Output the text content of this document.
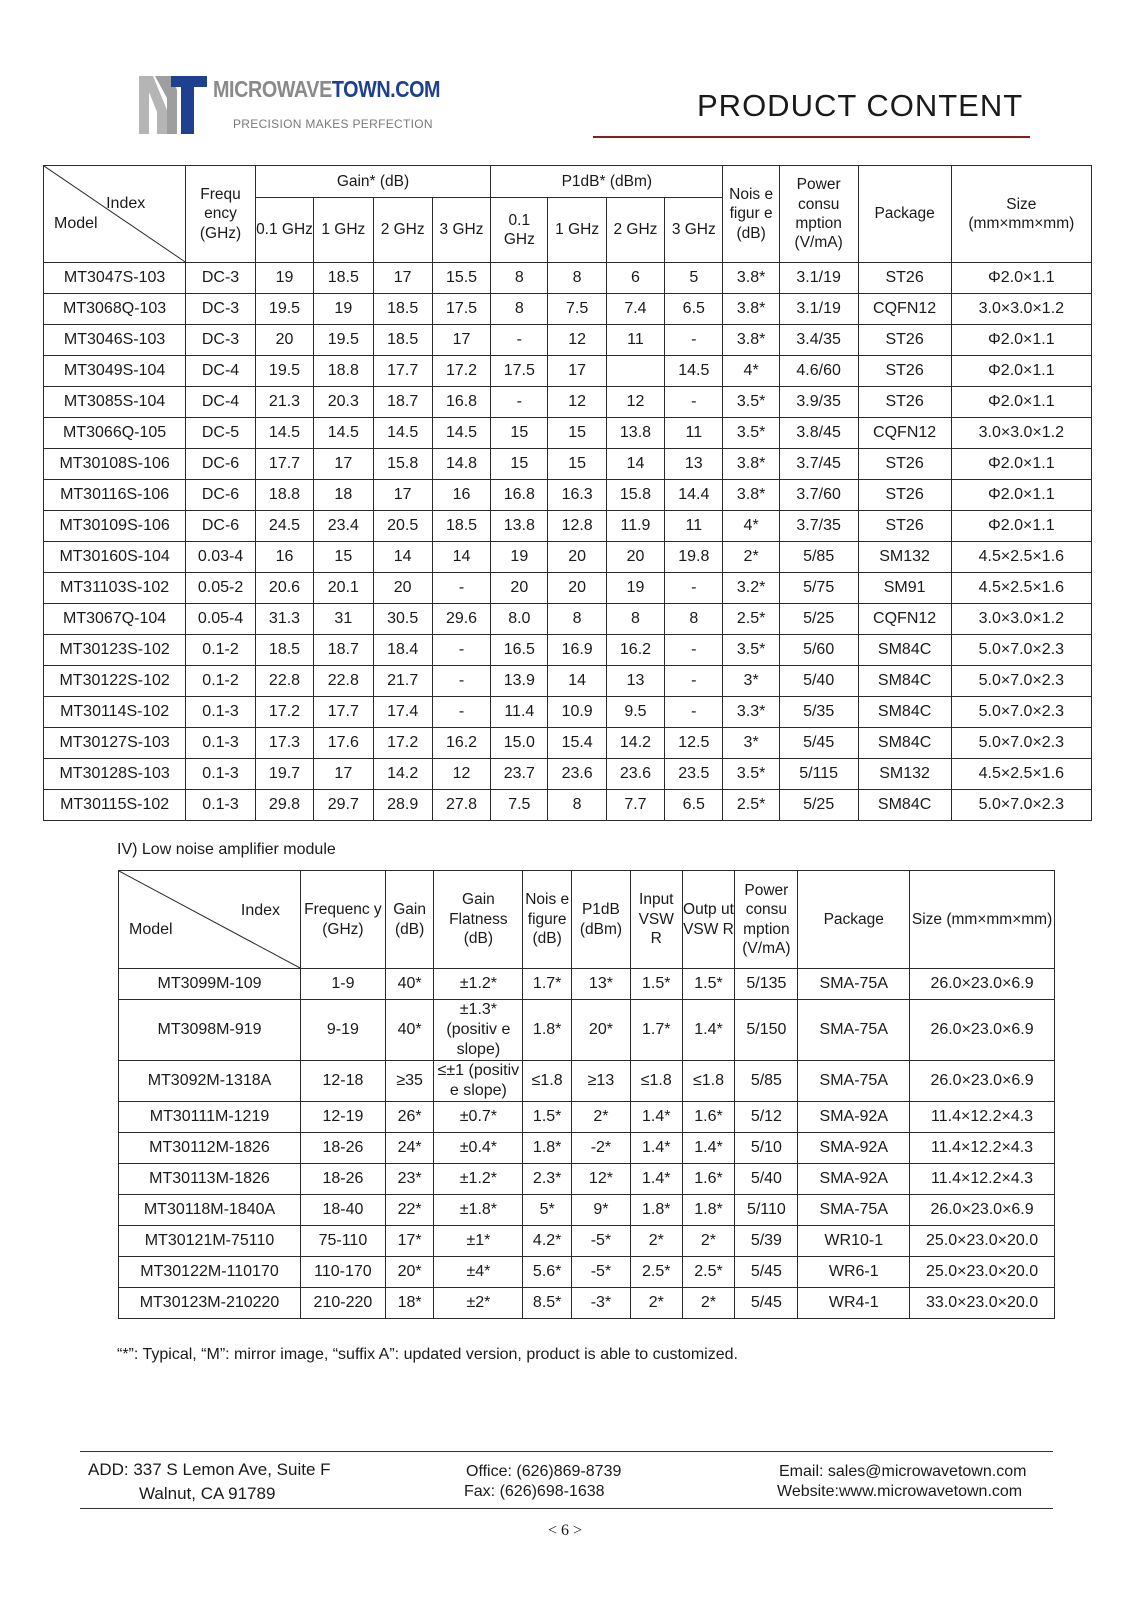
MICROWAVETOWN.COM
PRECISION MAKES PERFECTION
PRODUCT CONTENT
Index
Model	Frequ ency (GHz)	Gain* (dB)				P1dB* (dBm)				Nois e figur e (dB)	Power consu mption (V/mA)	Package	Size (mm×mm×mm)
		0.1 GHz	1 GHz	2 GHz	3 GHz	0.1 GHz	1 GHz	2 GHz	3 GHz				
MT3047S-103	DC-3	19	18.5	17	15.5	8	8	6	5	3.8*	3.1/19	ST26	Φ2.0×1.1
MT3068Q-103	DC-3	19.5	19	18.5	17.5	8	7.5	7.4	6.5	3.8*	3.1/19	CQFN12	3.0×3.0×1.2
MT3046S-103	DC-3	20	19.5	18.5	17	-	12	11	-	3.8*	3.4/35	ST26	Φ2.0×1.1
MT3049S-104	DC-4	19.5	18.8	17.7	17.2	17.5	17		14.5	4*	4.6/60	ST26	Φ2.0×1.1
MT3085S-104	DC-4	21.3	20.3	18.7	16.8	-	12	12	-	3.5*	3.9/35	ST26	Φ2.0×1.1
MT3066Q-105	DC-5	14.5	14.5	14.5	14.5	15	15	13.8	11	3.5*	3.8/45	CQFN12	3.0×3.0×1.2
MT30108S-106	DC-6	17.7	17	15.8	14.8	15	15	14	13	3.8*	3.7/45	ST26	Φ2.0×1.1
MT30116S-106	DC-6	18.8	18	17	16	16.8	16.3	15.8	14.4	3.8*	3.7/60	ST26	Φ2.0×1.1
MT30109S-106	DC-6	24.5	23.4	20.5	18.5	13.8	12.8	11.9	11	4*	3.7/35	ST26	Φ2.0×1.1
MT30160S-104	0.03-4	16	15	14	14	19	20	20	19.8	2*	5/85	SM132	4.5×2.5×1.6
MT31103S-102	0.05-2	20.6	20.1	20	-	20	20	19	-	3.2*	5/75	SM91	4.5×2.5×1.6
MT3067Q-104	0.05-4	31.3	31	30.5	29.6	8.0	8	8	8	2.5*	5/25	CQFN12	3.0×3.0×1.2
MT30123S-102	0.1-2	18.5	18.7	18.4	-	16.5	16.9	16.2	-	3.5*	5/60	SM84C	5.0×7.0×2.3
MT30122S-102	0.1-2	22.8	22.8	21.7	-	13.9	14	13	-	3*	5/40	SM84C	5.0×7.0×2.3
MT30114S-102	0.1-3	17.2	17.7	17.4	-	11.4	10.9	9.5	-	3.3*	5/35	SM84C	5.0×7.0×2.3
MT30127S-103	0.1-3	17.3	17.6	17.2	16.2	15.0	15.4	14.2	12.5	3*	5/45	SM84C	5.0×7.0×2.3
MT30128S-103	0.1-3	19.7	17	14.2	12	23.7	23.6	23.6	23.5	3.5*	5/115	SM132	4.5×2.5×1.6
MT30115S-102	0.1-3	29.8	29.7	28.9	27.8	7.5	8	7.7	6.5	2.5*	5/25	SM84C	5.0×7.0×2.3
IV) Low noise amplifier module
Index
Model	Frequenc y (GHz)	Gain (dB)	Gain Flatness (dB)	Nois e figure (dB)	P1dB (dBm)	Input VSW R	Outp ut VSW R	Power consu mption (V/mA)	Package	Size (mm×mm×mm)
MT3099M-109	1-9	40*	±1.2*	1.7*	13*	1.5*	1.5*	5/135	SMA-75A	26.0×23.0×6.9
MT3098M-919	9-19	40*	±1.3* (positiv e slope)	1.8*	20*	1.7*	1.4*	5/150	SMA-75A	26.0×23.0×6.9
MT3092M-1318A	12-18	≥35	≤±1 (positiv e slope)	≤1.8	≥13	≤1.8	≤1.8	5/85	SMA-75A	26.0×23.0×6.9
MT30111M-1219	12-19	26*	±0.7*	1.5*	2*	1.4*	1.6*	5/12	SMA-92A	11.4×12.2×4.3
MT30112M-1826	18-26	24*	±0.4*	1.8*	-2*	1.4*	1.4*	5/10	SMA-92A	11.4×12.2×4.3
MT30113M-1826	18-26	23*	±1.2*	2.3*	12*	1.4*	1.6*	5/40	SMA-92A	11.4×12.2×4.3
MT30118M-1840A	18-40	22*	±1.8*	5*	9*	1.8*	1.8*	5/110	SMA-75A	26.0×23.0×6.9
MT30121M-75110	75-110	17*	±1*	4.2*	-5*	2*	2*	5/39	WR10-1	25.0×23.0×20.0
MT30122M-110170	110-170	20*	±4*	5.6*	-5*	2.5*	2.5*	5/45	WR6-1	25.0×23.0×20.0
MT30123M-210220	210-220	18*	±2*	8.5*	-3*	2*	2*	5/45	WR4-1	33.0×23.0×20.0
“*”: Typical, “M”: mirror image, “suffix A”: updated version, product is able to customized.
ADD: 337 S Lemon Ave, Suite F
Walnut, CA 91789
Office: (626)869-8739
Fax: (626)698-1638
Email: sales@microwavetown.com
Website:www.microwavetown.com
< 6 >
